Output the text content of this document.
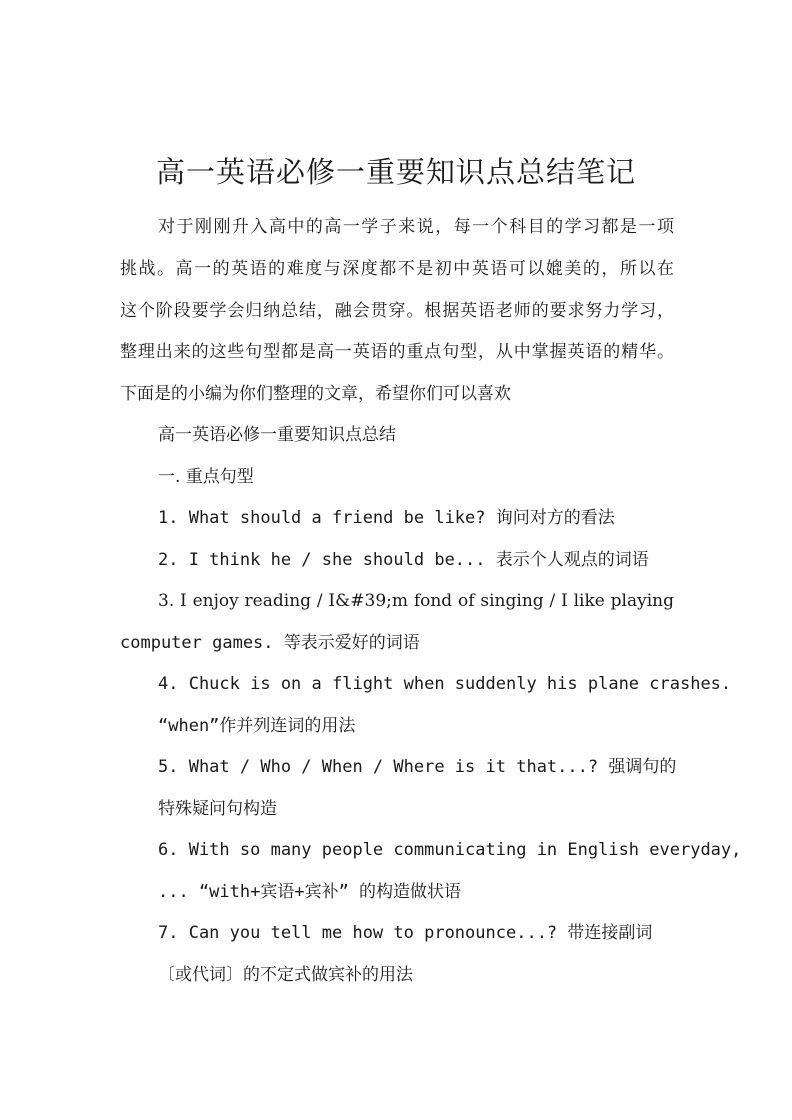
高一英语必修一重要知识点总结笔记
对于刚刚升入高中的高一学子来说，每一个科目的学习都是一项
挑战。高一的英语的难度与深度都不是初中英语可以媲美的，所以在
这个阶段要学会归纳总结，融会贯穿。根据英语老师的要求努力学习，
整理出来的这些句型都是高一英语的重点句型，从中掌握英语的精华。
下面是的小编为你们整理的文章，希望你们可以喜欢
高一英语必修一重要知识点总结
一. 重点句型
1. What should a friend be like? 询问对方的看法
2. I think he / she should be... 表示个人观点的词语
3. I enjoy reading / I&#39;m fond of singing / I like playing
computer games. 等表示爱好的词语
4. Chuck is on a flight when suddenly his plane crashes.
“when”作并列连词的用法
5. What / Who / When / Where is it that...? 强调句的
特殊疑问句构造
6. With so many people communicating in English everyday,
... “with+宾语+宾补” 的构造做状语
7. Can you tell me how to pronounce...? 带连接副词
〔或代词〕的不定式做宾补的用法
